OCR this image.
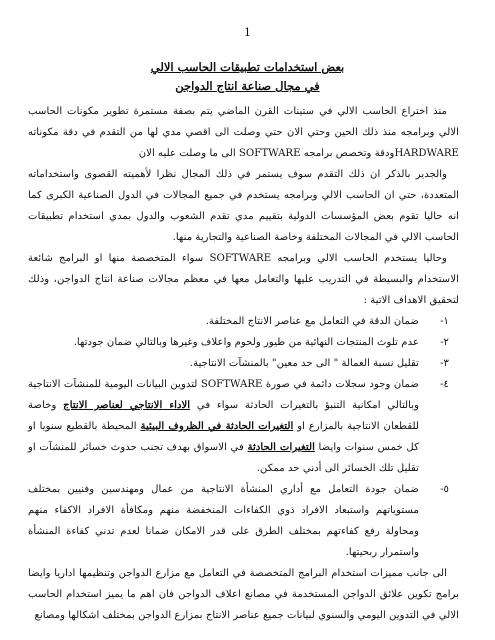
1

بعض استخدامات تطبيقات الحاسب الالي

في مجال صناعة انتاج الدواجن

منذ اختراع الحاسب الالي في ستينات القرن الماضي يتم بصفة مستمرة تطوير مكونات الحاسب الالي وبرامجه منذ ذلك الحين وحتي الان حتي وصلت الى اقصي مدي لها من التقدم في دقة مكوناته HARDWAREودقة وتخصص برامجه SOFTWARE الى ما وصلت عليه الان

والجدير بالذكر ان ذلك التقدم سوف يستمر في ذلك المجال نظرا لأهميته القصوى واستخداماته المتعددة، حتي ان الحاسب الالي وبرامجه يستخدم في جميع المجالات في الدول الصناعية الكبرى كما انه حاليا تقوم بعض المؤسسات الدولية بتقييم مدي تقدم الشعوب والدول بمدي استخدام تطبيقات الحاسب الالي في المجالات المختلفة وخاصة الصناعية والتجارية منها.

وحاليا يستخدم الحاسب الالي وبرامجه SOFTWARE سواء المتخصصة منها او البرامج شائعة الاستخدام والبسيطة في التدريب عليها والتعامل معها في معظم مجالات صناعة انتاج الدواجن، وذلك لتحقيق الاهداف الاتية :

١-
ضمان الدقة في التعامل مع عناصر الانتاج المختلفة.
٢-
عدم تلوث المنتجات النهائية من طيور ولحوم واعلاف وغيرها وبالتالي ضمان جودتها.
٣-
تقليل نسبة العمالة " الى حد معين" بالمنشآت الانتاجية.
٤-
ضمان وجود سجلات دائمة في صورة SOFTWARE لتدوين البيانات اليومية للمنشآت الانتاجية وبالتالي امكانية التنبؤ بالتغيرات الحادثة سواء في الاداء الانتاجي لعناصر الانتاج وخاصة للقطعان الانتاجية بالمزارع او التغيرات الحادثة في الظروف البيئية المحيطة بالقطيع سنويا او كل خمس سنوات وايضا التغيرات الحادثة في الاسواق بهدف تجنب حدوث خسائر للمنشآت او تقليل تلك الخسائر الى أدني حد ممكن.
٥-
ضمان جودة التعامل مع أداري المنشأة الانتاجية من عمال ومهندسين وفنيين بمختلف مستوياتهم واستبعاد الافراد ذوي الكفاءات المنخفضة منهم ومكافأة الافراد الاكفاء منهم ومحاولة رفع كفاءتهم بمختلف الطرق على قدر الامكان ضمانا لعدم تدني كفاءة المنشأة واستمرار ربحيتها.

الى جانب مميزات استخدام البرامج المتخصصة في التعامل مع مزارع الدواجن وتنظيمها اداريا وايضا برامج تكوين علائق الدواجن المستخدمة في مصانع اعلاف الدواجن فان اهم ما يميز استخدام الحاسب الالي في التدوين اليومي والسنوي لبيانات جميع عناصر الانتاج بمزارع الدواجن بمختلف اشكالها ومصانع
